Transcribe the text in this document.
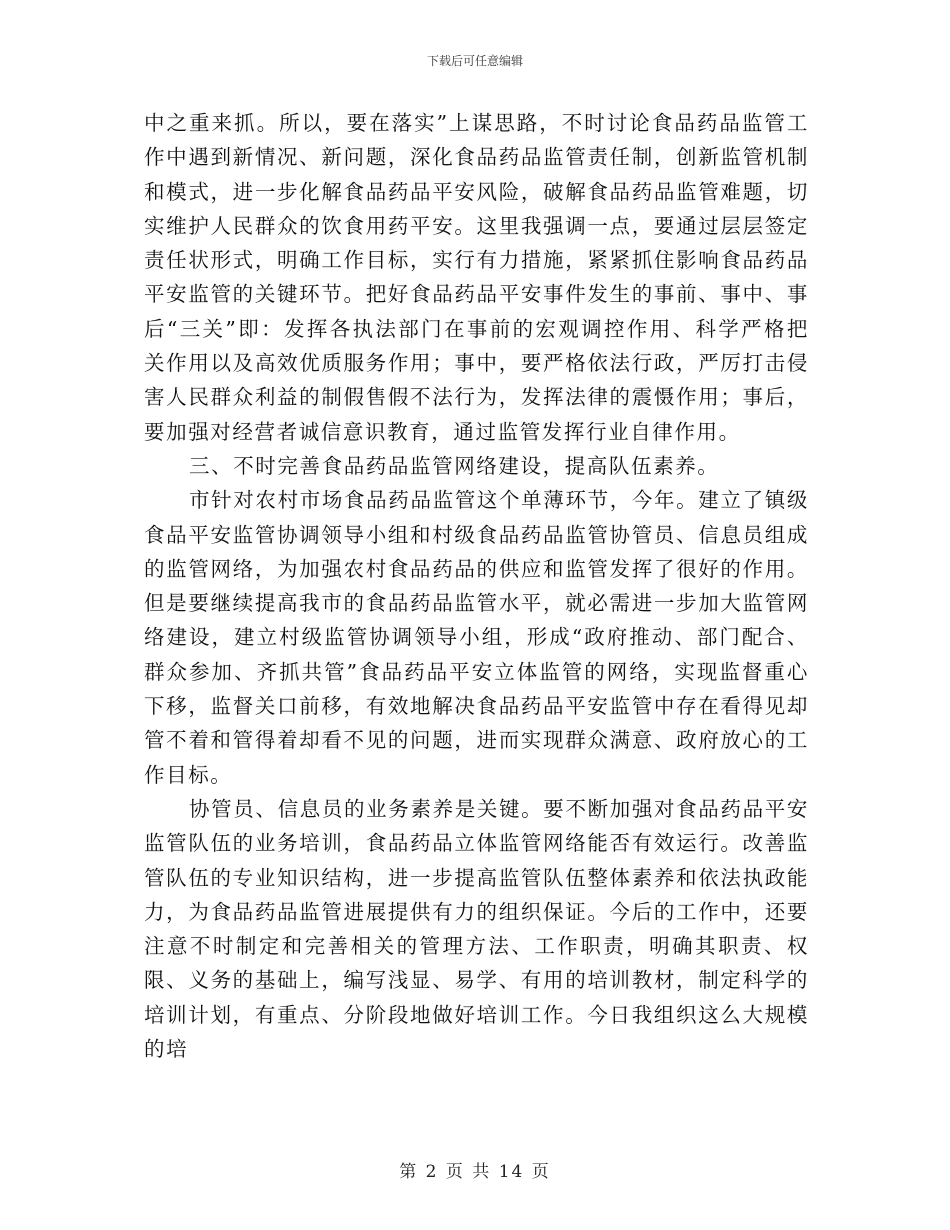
下载后可任意编辑

中之重来抓。所以，要在落实”上谋思路，不时讨论食品药品监管工作中遇到新情况、新问题，深化食品药品监管责任制，创新监管机制和模式，进一步化解食品药品平安风险，破解食品药品监管难题，切实维护人民群众的饮食用药平安。这里我强调一点，要通过层层签定责任状形式，明确工作目标，实行有力措施，紧紧抓住影响食品药品平安监管的关键环节。把好食品药品平安事件发生的事前、事中、事后“三关”即：发挥各执法部门在事前的宏观调控作用、科学严格把关作用以及高效优质服务作用；事中，要严格依法行政，严厉打击侵害人民群众利益的制假售假不法行为，发挥法律的震慑作用；事后，要加强对经营者诚信意识教育，通过监管发挥行业自律作用。

三、不时完善食品药品监管网络建设，提高队伍素养。

市针对农村市场食品药品监管这个单薄环节，今年。建立了镇级食品平安监管协调领导小组和村级食品药品监管协管员、信息员组成的监管网络，为加强农村食品药品的供应和监管发挥了很好的作用。但是要继续提高我市的食品药品监管水平，就必需进一步加大监管网络建设，建立村级监管协调领导小组，形成“政府推动、部门配合、群众参加、齐抓共管”食品药品平安立体监管的网络，实现监督重心下移，监督关口前移，有效地解决食品药品平安监管中存在看得见却管不着和管得着却看不见的问题，进而实现群众满意、政府放心的工作目标。

协管员、信息员的业务素养是关键。要不断加强对食品药品平安监管队伍的业务培训，食品药品立体监管网络能否有效运行。改善监管队伍的专业知识结构，进一步提高监管队伍整体素养和依法执政能力，为食品药品监管进展提供有力的组织保证。今后的工作中，还要注意不时制定和完善相关的管理方法、工作职责，明确其职责、权限、义务的基础上，编写浅显、易学、有用的培训教材，制定科学的培训计划，有重点、分阶段地做好培训工作。今日我组织这么大规模的培

第 2 页 共 14 页
